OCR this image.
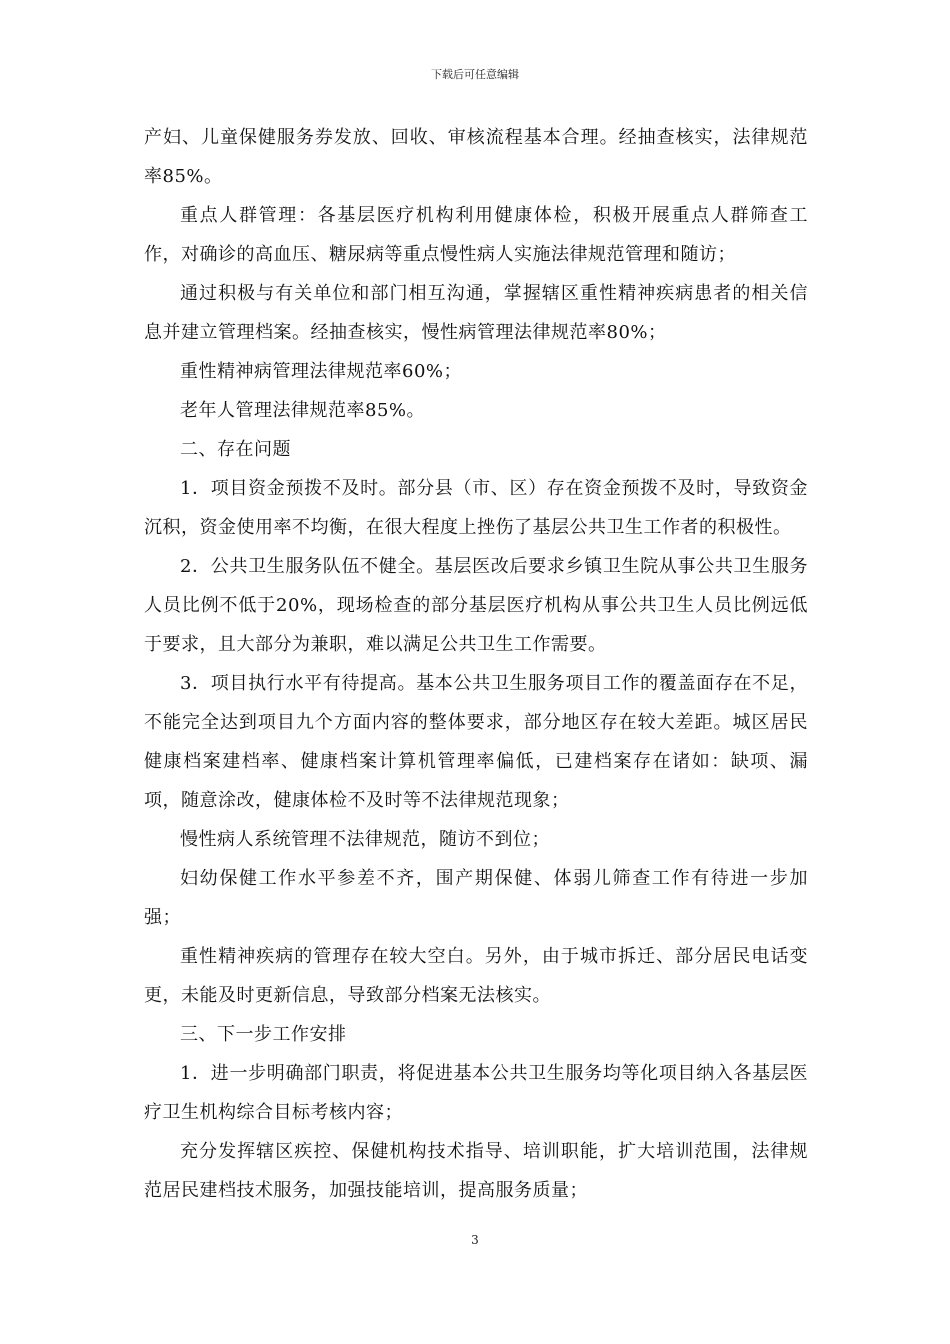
下载后可任意编辑

产妇、儿童保健服务券发放、回收、审核流程基本合理。经抽查核实，法律规范率85%。

重点人群管理：各基层医疗机构利用健康体检，积极开展重点人群筛查工作，对确诊的高血压、糖尿病等重点慢性病人实施法律规范管理和随访；

通过积极与有关单位和部门相互沟通，掌握辖区重性精神疾病患者的相关信息并建立管理档案。经抽查核实，慢性病管理法律规范率80%；

重性精神病管理法律规范率60%；

老年人管理法律规范率85%。

二、存在问题

1．项目资金预拨不及时。部分县（市、区）存在资金预拨不及时，导致资金沉积，资金使用率不均衡，在很大程度上挫伤了基层公共卫生工作者的积极性。

2．公共卫生服务队伍不健全。基层医改后要求乡镇卫生院从事公共卫生服务人员比例不低于20%，现场检查的部分基层医疗机构从事公共卫生人员比例远低于要求，且大部分为兼职，难以满足公共卫生工作需要。

3．项目执行水平有待提高。基本公共卫生服务项目工作的覆盖面存在不足，不能完全达到项目九个方面内容的整体要求，部分地区存在较大差距。城区居民健康档案建档率、健康档案计算机管理率偏低，已建档案存在诸如：缺项、漏项，随意涂改，健康体检不及时等不法律规范现象；

慢性病人系统管理不法律规范，随访不到位；

妇幼保健工作水平参差不齐，围产期保健、体弱儿筛查工作有待进一步加强；

重性精神疾病的管理存在较大空白。另外，由于城市拆迁、部分居民电话变更，未能及时更新信息，导致部分档案无法核实。

三、下一步工作安排

1．进一步明确部门职责，将促进基本公共卫生服务均等化项目纳入各基层医疗卫生机构综合目标考核内容；

充分发挥辖区疾控、保健机构技术指导、培训职能，扩大培训范围，法律规范居民建档技术服务，加强技能培训，提高服务质量；

3
